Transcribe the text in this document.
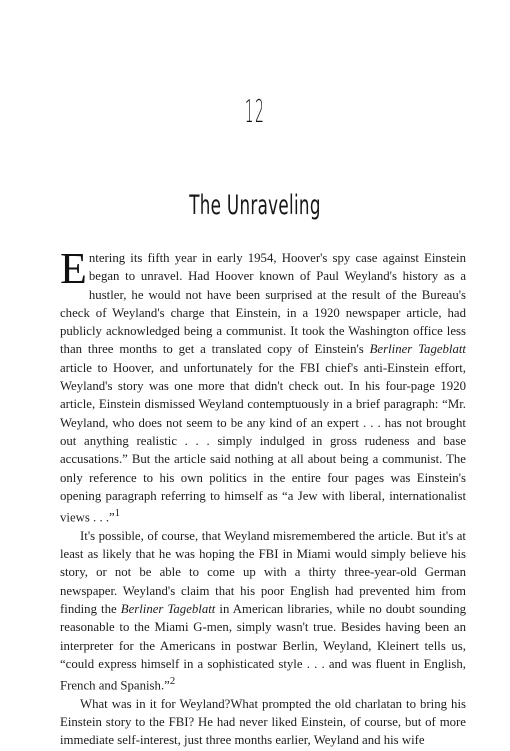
12
The Unraveling

Entering its fifth year in early 1954, Hoover's spy case against Einstein began to unravel. Had Hoover known of Paul Weyland's history as a hustler, he would not have been surprised at the result of the Bureau's check of Weyland's charge that Einstein, in a 1920 newspaper article, had publicly acknowledged being a communist. It took the Washington office less than three months to get a translated copy of Einstein's Berliner Tageblatt article to Hoover, and unfortunately for the FBI chief's anti-Einstein effort, Weyland's story was one more that didn't check out. In his four-page 1920 article, Einstein dismissed Weyland contemptuously in a brief paragraph: “Mr. Weyland, who does not seem to be any kind of an expert . . . has not brought out anything realistic . . . simply indulged in gross rudeness and base accusations.” But the article said nothing at all about being a communist. The only reference to his own politics in the entire four pages was Einstein's opening paragraph referring to himself as “a Jew with liberal, internationalist views . . .”$^1$

It's possible, of course, that Weyland misremembered the article. But it's at least as likely that he was hoping the FBI in Miami would simply believe his story, or not be able to come up with a thirty three-year-old German newspaper. Weyland's claim that his poor English had prevented him from finding the Berliner Tageblatt in American libraries, while no doubt sounding reasonable to the Miami G-men, simply wasn't true. Besides having been an interpreter for the Americans in postwar Berlin, Weyland, Kleinert tells us, “could express himself in a sophisticated style . . . and was fluent in English, French and Spanish.”$^2$

What was in it for Weyland?What prompted the old charlatan to bring his Einstein story to the FBI? He had never liked Einstein, of course, but of more immediate self-interest, just three months earlier, Weyland and his wife
